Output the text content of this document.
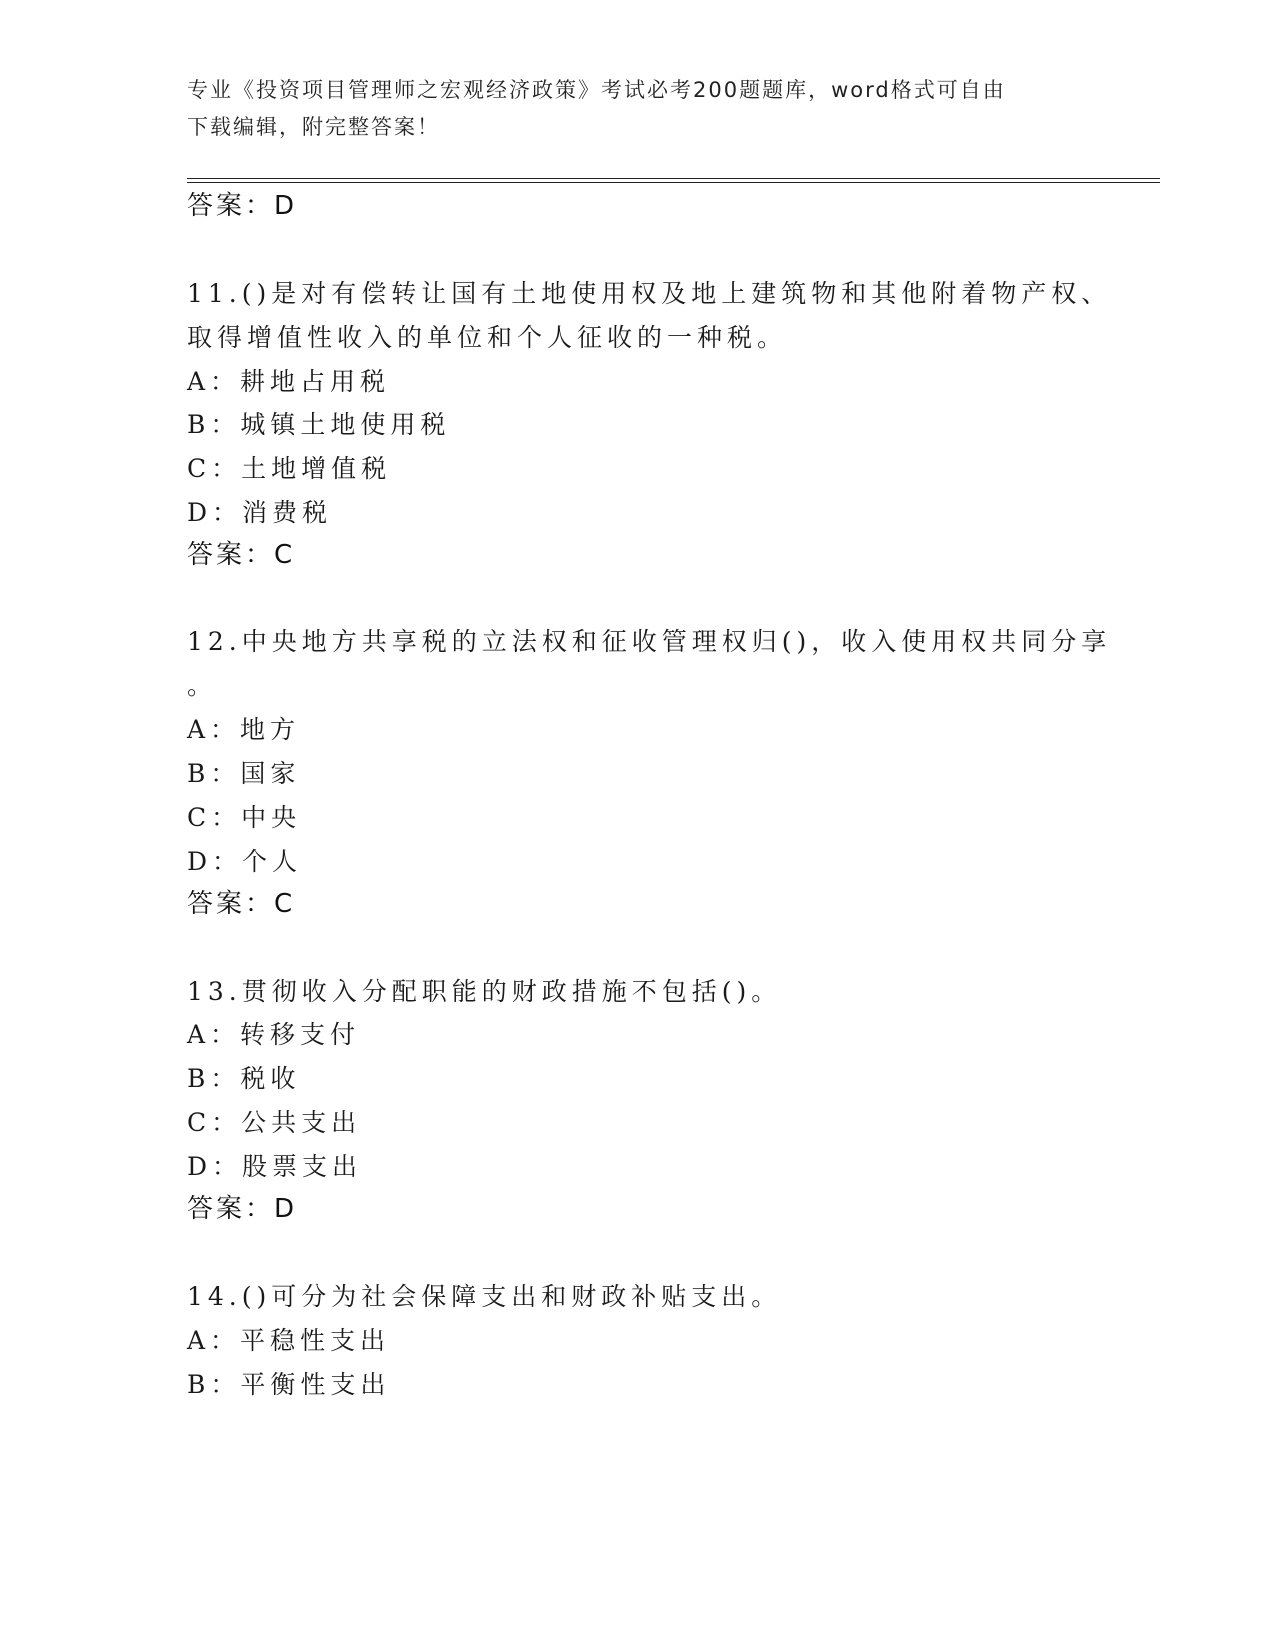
专业《投资项目管理师之宏观经济政策》考试必考200题题库，word格式可自由
下载编辑，附完整答案！
答案：D
11.()是对有偿转让国有土地使用权及地上建筑物和其他附着物产权、
取得增值性收入的单位和个人征收的一种税。
A：耕地占用税
B：城镇土地使用税
C：土地增值税
D：消费税
答案：C
12.中央地方共享税的立法权和征收管理权归()，收入使用权共同分享
。
A：地方
B：国家
C：中央
D：个人
答案：C
13.贯彻收入分配职能的财政措施不包括()。
A：转移支付
B：税收
C：公共支出
D：股票支出
答案：D
14.()可分为社会保障支出和财政补贴支出。
A：平稳性支出
B：平衡性支出
